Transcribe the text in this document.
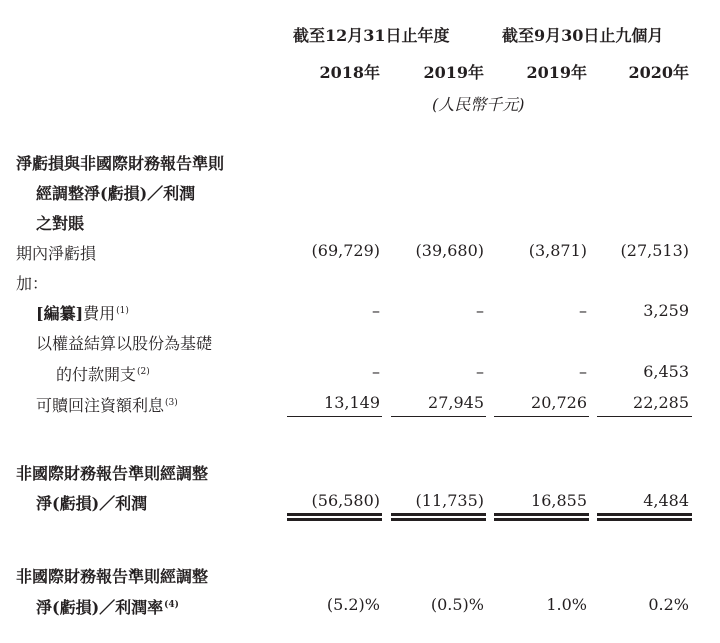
截至12月31日止年度	截至9月30日止九個月
2018年	2019年	2019年	2020年
(人民幣千元)
淨虧損與非國際財務報告準則
經調整淨(虧損)／利潤
之對賬
期內淨虧損	(69,729)	(39,680)	(3,871)	(27,513)
加：
[編纂]費用$^{(1)}$	–	–	–	3,259
以權益結算以股份為基礎
的付款開支$^{(2)}$	–	–	–	6,453
可贖回注資額利息$^{(3)}$	13,149	27,945	20,726	22,285
非國際財務報告準則經調整
淨(虧損)／利潤	(56,580)	(11,735)	16,855	4,484
非國際財務報告準則經調整
淨(虧損)／利潤率$^{(4)}$	(5.2)%	(0.5)%	1.0%	0.2%
